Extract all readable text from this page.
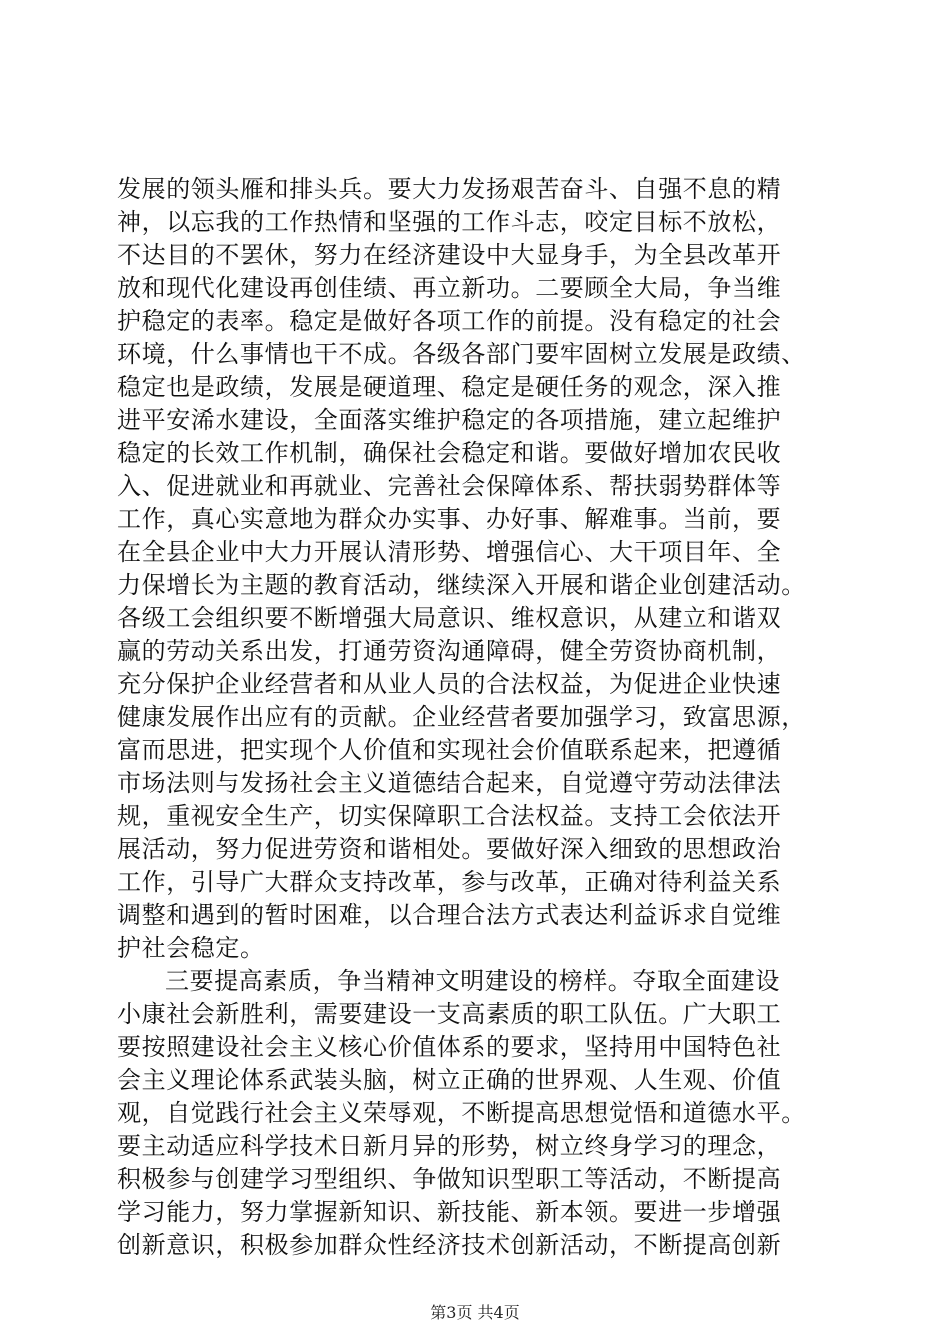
发展的领头雁和排头兵。要大力发扬艰苦奋斗、自强不息的精
神，以忘我的工作热情和坚强的工作斗志，咬定目标不放松，
不达目的不罢休，努力在经济建设中大显身手，为全县改革开
放和现代化建设再创佳绩、再立新功。二要顾全大局，争当维
护稳定的表率。稳定是做好各项工作的前提。没有稳定的社会
环境，什么事情也干不成。各级各部门要牢固树立发展是政绩、
稳定也是政绩，发展是硬道理、稳定是硬任务的观念，深入推
进平安浠水建设，全面落实维护稳定的各项措施，建立起维护
稳定的长效工作机制，确保社会稳定和谐。要做好增加农民收
入、促进就业和再就业、完善社会保障体系、帮扶弱势群体等
工作，真心实意地为群众办实事、办好事、解难事。当前，要
在全县企业中大力开展认清形势、增强信心、大干项目年、全
力保增长为主题的教育活动，继续深入开展和谐企业创建活动。
各级工会组织要不断增强大局意识、维权意识，从建立和谐双
赢的劳动关系出发，打通劳资沟通障碍，健全劳资协商机制，
充分保护企业经营者和从业人员的合法权益，为促进企业快速
健康发展作出应有的贡献。企业经营者要加强学习，致富思源，
富而思进，把实现个人价值和实现社会价值联系起来，把遵循
市场法则与发扬社会主义道德结合起来，自觉遵守劳动法律法
规，重视安全生产，切实保障职工合法权益。支持工会依法开
展活动，努力促进劳资和谐相处。要做好深入细致的思想政治
工作，引导广大群众支持改革，参与改革，正确对待利益关系
调整和遇到的暂时困难，以合理合法方式表达利益诉求自觉维
护社会稳定。
三要提高素质，争当精神文明建设的榜样。夺取全面建设
小康社会新胜利，需要建设一支高素质的职工队伍。广大职工
要按照建设社会主义核心价值体系的要求，坚持用中国特色社
会主义理论体系武装头脑，树立正确的世界观、人生观、价值
观，自觉践行社会主义荣辱观，不断提高思想觉悟和道德水平。
要主动适应科学技术日新月异的形势，树立终身学习的理念，
积极参与创建学习型组织、争做知识型职工等活动，不断提高
学习能力，努力掌握新知识、新技能、新本领。要进一步增强
创新意识，积极参加群众性经济技术创新活动，不断提高创新
第3页 共4页
